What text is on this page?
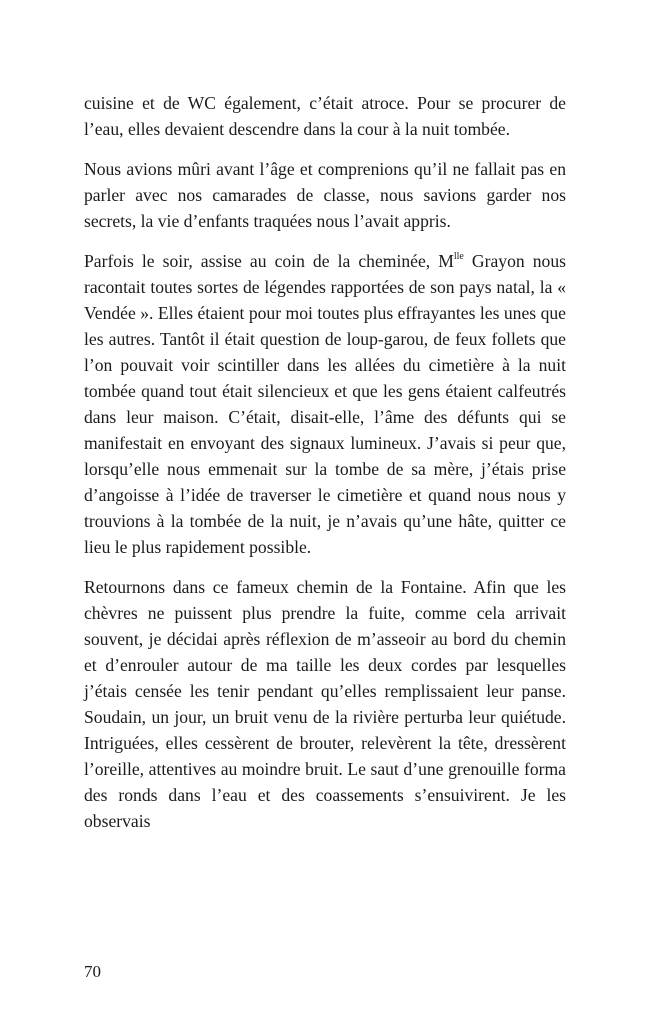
cuisine et de WC également, c’était atroce. Pour se procurer de l’eau, elles devaient descendre dans la cour à la nuit tombée.

Nous avions mûri avant l’âge et comprenions qu’il ne fallait pas en parler avec nos camarades de classe, nous savions garder nos secrets, la vie d’enfants traquées nous l’avait appris.

Parfois le soir, assise au coin de la cheminée, $M^{lle}$ Grayon nous racontait toutes sortes de légendes rapportées de son pays natal, la « Vendée ». Elles étaient pour moi toutes plus effrayantes les unes que les autres. Tantôt il était question de loup-garou, de feux follets que l’on pouvait voir scintiller dans les allées du cimetière à la nuit tombée quand tout était silencieux et que les gens étaient calfeutrés dans leur maison. C’était, disait-elle, l’âme des défunts qui se manifestait en envoyant des signaux lumineux. J’avais si peur que, lorsqu’elle nous emmenait sur la tombe de sa mère, j’étais prise d’angoisse à l’idée de traverser le cimetière et quand nous nous y trouvions à la tombée de la nuit, je n’avais qu’une hâte, quitter ce lieu le plus rapidement possible.

Retournons dans ce fameux chemin de la Fontaine. Afin que les chèvres ne puissent plus prendre la fuite, comme cela arrivait souvent, je décidai après réflexion de m’asseoir au bord du chemin et d’enrouler autour de ma taille les deux cordes par lesquelles j’étais censée les tenir pendant qu’elles remplissaient leur panse. Soudain, un jour, un bruit venu de la rivière perturba leur quiétude. Intriguées, elles cessèrent de brouter, relevèrent la tête, dressèrent l’oreille, attentives au moindre bruit. Le saut d’une grenouille forma des ronds dans l’eau et des coassements s’ensuivirent. Je les observais

70
